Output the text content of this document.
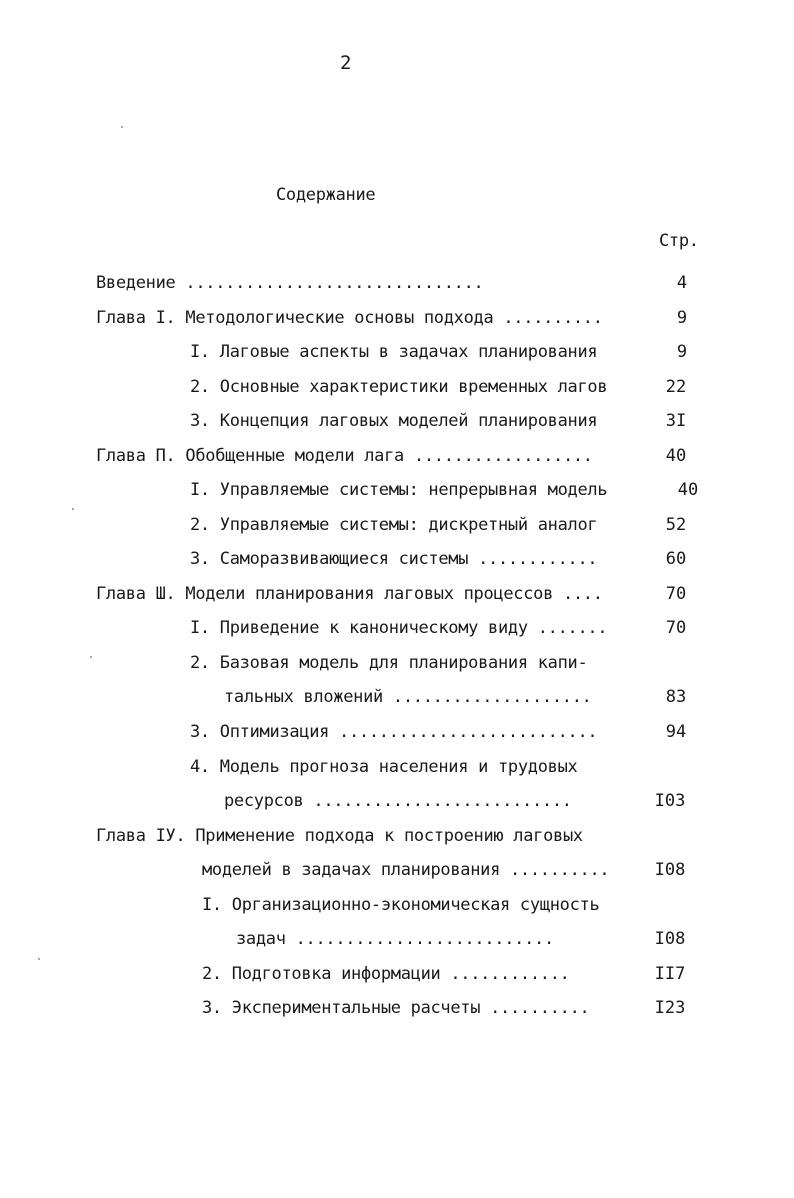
2
Содержание
Стр.
Введение ..............................	4
Глава I. Методологические основы подхода ..........	9
I. Лаговые аспекты в задачах планирования	9
2. Основные характеристики временных лагов	22
3. Концепция лаговых моделей планирования	3I
Глава П. Обобщенные модели лага ..................	40
I. Управляемые системы: непрерывная модель	40
2. Управляемые системы: дискретный аналог	52
3. Саморазвивающиеся системы ............	60
Глава Ш. Модели планирования лаговых процессов ....	70
I. Приведение к каноническому виду .......	70
2. Базовая модель для планирования капи-
тальных вложений ....................	83
3. Оптимизация ..........................	94
4. Модель прогноза населения и трудовых
ресурсов ..........................	I03
Глава IУ. Применение подхода к построению лаговых
моделей в задачах планирования ..........	I08
I. Организационно-экономическая сущность
задач ..........................	I08
2. Подготовка информации ............	II7
3. Экспериментальные расчеты ..........	I23
